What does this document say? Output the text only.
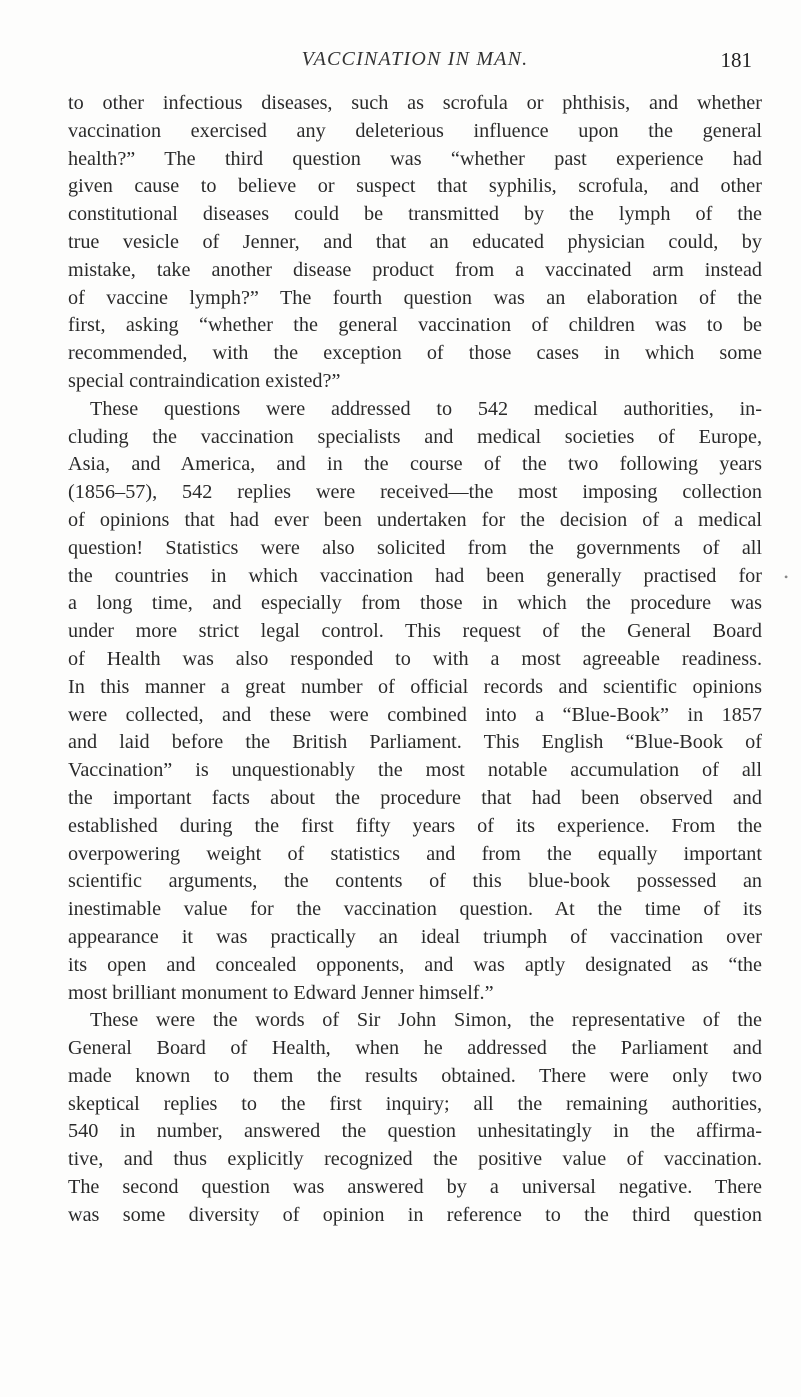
VACCINATION IN MAN.	181
to other infectious diseases, such as scrofula or phthisis, and whether
vaccination exercised any deleterious influence upon the general
health?” The third question was “whether past experience had
given cause to believe or suspect that syphilis, scrofula, and other
constitutional diseases could be transmitted by the lymph of the
true vesicle of Jenner, and that an educated physician could, by
mistake, take another disease product from a vaccinated arm instead
of vaccine lymph?” The fourth question was an elaboration of the
first, asking “whether the general vaccination of children was to be
recommended, with the exception of those cases in which some
special contraindication existed?”
These questions were addressed to 542 medical authorities, in-
cluding the vaccination specialists and medical societies of Europe,
Asia, and America, and in the course of the two following years
(1856–57), 542 replies were received—the most imposing collection
of opinions that had ever been undertaken for the decision of a medical
question! Statistics were also solicited from the governments of all
the countries in which vaccination had been generally practised for
a long time, and especially from those in which the procedure was
under more strict legal control. This request of the General Board
of Health was also responded to with a most agreeable readiness.
In this manner a great number of official records and scientific opinions
were collected, and these were combined into a “Blue-Book” in 1857
and laid before the British Parliament. This English “Blue-Book of
Vaccination” is unquestionably the most notable accumulation of all
the important facts about the procedure that had been observed and
established during the first fifty years of its experience. From the
overpowering weight of statistics and from the equally important
scientific arguments, the contents of this blue-book possessed an
inestimable value for the vaccination question. At the time of its
appearance it was practically an ideal triumph of vaccination over
its open and concealed opponents, and was aptly designated as “the
most brilliant monument to Edward Jenner himself.”
These were the words of Sir John Simon, the representative of the
General Board of Health, when he addressed the Parliament and
made known to them the results obtained. There were only two
skeptical replies to the first inquiry; all the remaining authorities,
540 in number, answered the question unhesitatingly in the affirma-
tive, and thus explicitly recognized the positive value of vaccination.
The second question was answered by a universal negative. There
was some diversity of opinion in reference to the third question
•
